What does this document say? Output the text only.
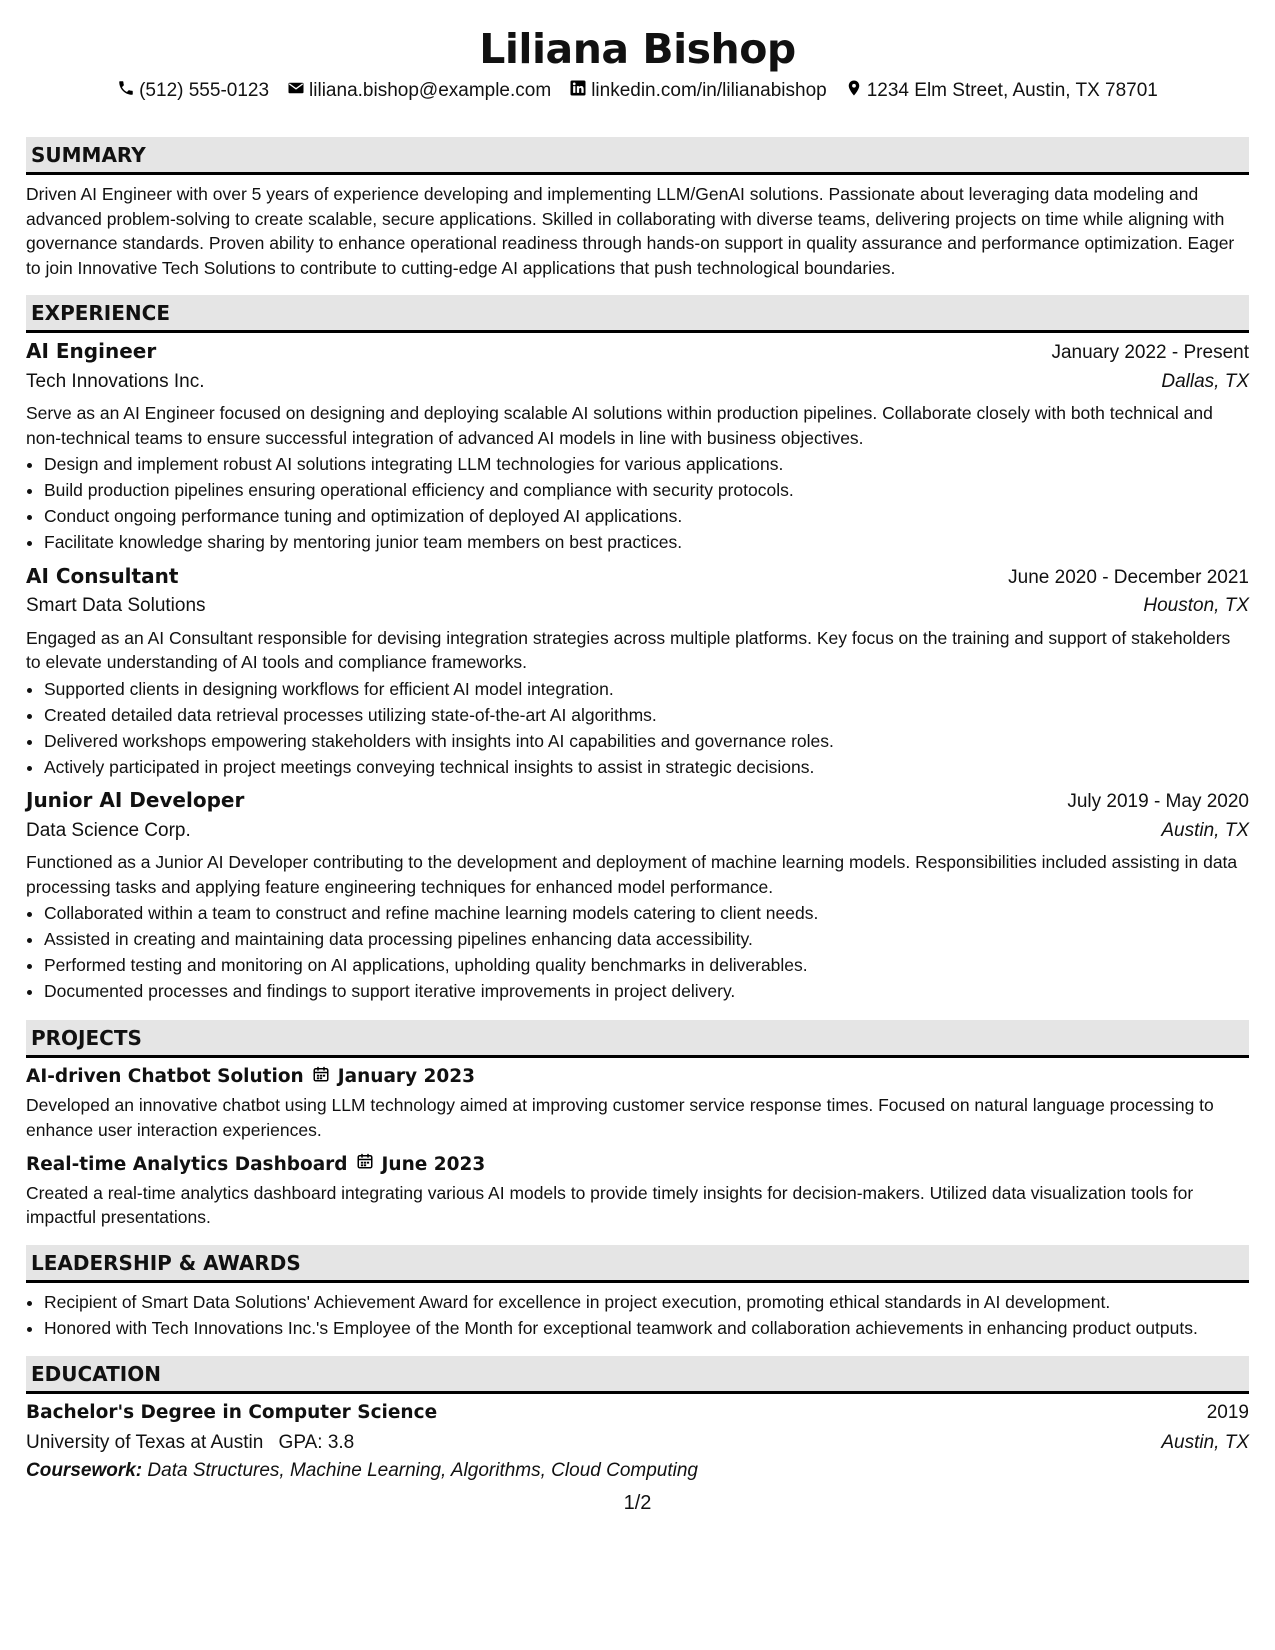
Liliana Bishop
(512) 555-0123 liliana.bishop@example.com linkedin.com/in/lilianabishop 1234 Elm Street, Austin, TX 78701
SUMMARY

Driven AI Engineer with over 5 years of experience developing and implementing LLM/GenAI solutions. Passionate about leveraging data modeling and advanced problem-solving to create scalable, secure applications. Skilled in collaborating with diverse teams, delivering projects on time while aligning with governance standards. Proven ability to enhance operational readiness through hands-on support in quality assurance and performance optimization. Eager to join Innovative Tech Solutions to contribute to cutting-edge AI applications that push technological boundaries.

EXPERIENCE
AI Engineer	January 2022 - Present
Tech Innovations Inc.	Dallas, TX

Serve as an AI Engineer focused on designing and deploying scalable AI solutions within production pipelines. Collaborate closely with both technical and non-technical teams to ensure successful integration of advanced AI models in line with business objectives.

• Design and implement robust AI solutions integrating LLM technologies for various applications.
• Build production pipelines ensuring operational efficiency and compliance with security protocols.
• Conduct ongoing performance tuning and optimization of deployed AI applications.
• Facilitate knowledge sharing by mentoring junior team members on best practices.
AI Consultant	June 2020 - December 2021
Smart Data Solutions	Houston, TX

Engaged as an AI Consultant responsible for devising integration strategies across multiple platforms. Key focus on the training and support of stakeholders to elevate understanding of AI tools and compliance frameworks.

• Supported clients in designing workflows for efficient AI model integration.
• Created detailed data retrieval processes utilizing state-of-the-art AI algorithms.
• Delivered workshops empowering stakeholders with insights into AI capabilities and governance roles.
• Actively participated in project meetings conveying technical insights to assist in strategic decisions.
Junior AI Developer	July 2019 - May 2020
Data Science Corp.	Austin, TX

Functioned as a Junior AI Developer contributing to the development and deployment of machine learning models. Responsibilities included assisting in data processing tasks and applying feature engineering techniques for enhanced model performance.

• Collaborated within a team to construct and refine machine learning models catering to client needs.
• Assisted in creating and maintaining data processing pipelines enhancing data accessibility.
• Performed testing and monitoring on AI applications, upholding quality benchmarks in deliverables.
• Documented processes and findings to support iterative improvements in project delivery.
PROJECTS
AI-driven Chatbot Solution January 2023

Developed an innovative chatbot using LLM technology aimed at improving customer service response times. Focused on natural language processing to enhance user interaction experiences.

Real-time Analytics Dashboard June 2023

Created a real-time analytics dashboard integrating various AI models to provide timely insights for decision-makers. Utilized data visualization tools for impactful presentations.

LEADERSHIP & AWARDS
• Recipient of Smart Data Solutions' Achievement Award for excellence in project execution, promoting ethical standards in AI development.
• Honored with Tech Innovations Inc.'s Employee of the Month for exceptional teamwork and collaboration achievements in enhancing product outputs.
EDUCATION
Bachelor's Degree in Computer Science	2019
University of Texas at Austin GPA: 3.8	Austin, TX
Coursework: Data Structures, Machine Learning, Algorithms, Cloud Computing
1/2
